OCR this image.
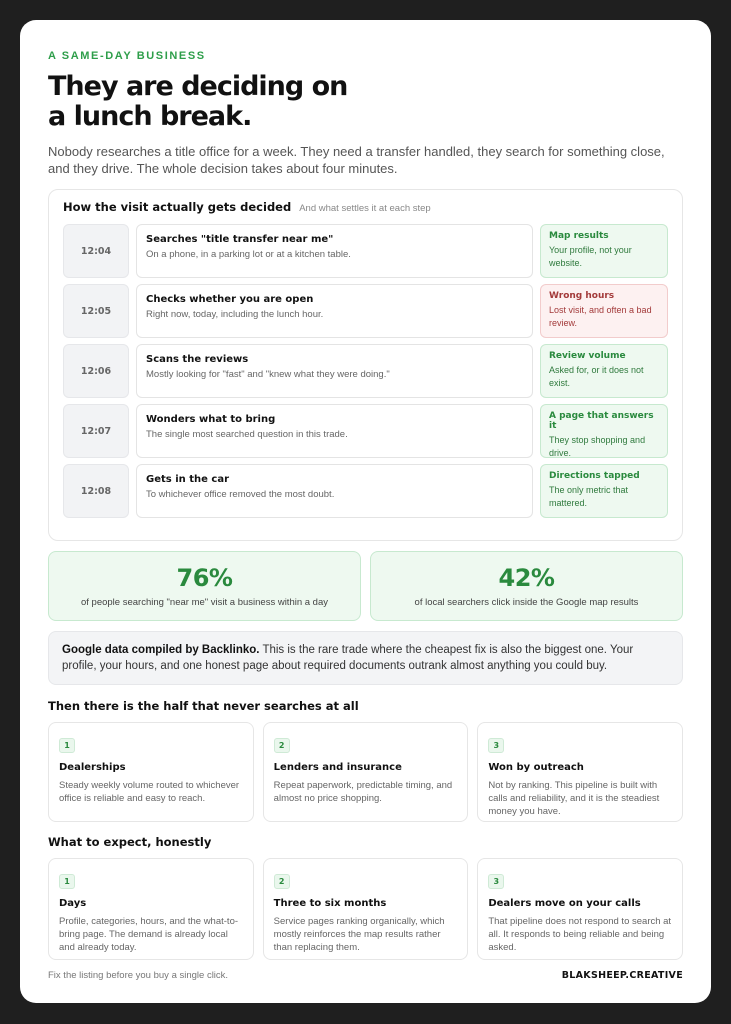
A SAME-DAY BUSINESS
They are deciding on a lunch break.

Nobody researches a title office for a week. They need a transfer handled, they search for something close, and they drive. The whole decision takes about four minutes.

How the visit actually gets decided And what settles it at each step
12:04
Searches "title transfer near me"
On a phone, in a parking lot or at a kitchen table.
Map results
Your profile, not your website.
12:05
Checks whether you are open
Right now, today, including the lunch hour.
Wrong hours
Lost visit, and often a bad review.
12:06
Scans the reviews
Mostly looking for "fast" and "knew what they were doing."
Review volume
Asked for, or it does not exist.
12:07
Wonders what to bring
The single most searched question in this trade.
A page that answers it
They stop shopping and drive.
12:08
Gets in the car
To whichever office removed the most doubt.
Directions tapped
The only metric that mattered.
76%
of people searching "near me" visit a business within a day
42%
of local searchers click inside the Google map results
Google data compiled by Backlinko. This is the rare trade where the cheapest fix is also the biggest one. Your profile, your hours, and one honest page about required documents outrank almost anything you could buy.
Then there is the half that never searches at all
1
Dealerships
Steady weekly volume routed to whichever office is reliable and easy to reach.
2
Lenders and insurance
Repeat paperwork, predictable timing, and almost no price shopping.
3
Won by outreach
Not by ranking. This pipeline is built with calls and reliability, and it is the steadiest money you have.
What to expect, honestly
1
Days
Profile, categories, hours, and the what-to-bring page. The demand is already local and already today.
2
Three to six months
Service pages ranking organically, which mostly reinforces the map results rather than replacing them.
3
Dealers move on your calls
That pipeline does not respond to search at all. It responds to being reliable and being asked.
Fix the listing before you buy a single click.	BLAKSHEEP.CREATIVE
